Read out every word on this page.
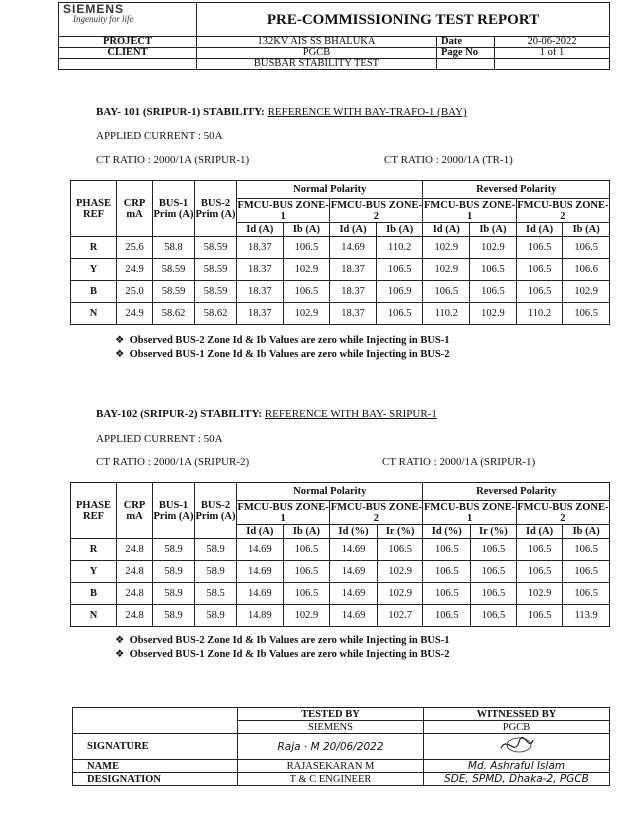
SIEMENS
Ingenuity for life	PRE-COMMISSIONING TEST REPORT		
PROJECT	132KV AIS SS BHALUKA	Date	20-06-2022
CLIENT	PGCB	Page No	1 of 1
	BUSBAR STABILITY TEST		
BAY- 101 (SRIPUR-1) STABILITY: REFERENCE WITH BAY-TRAFO-1 (BAY)
APPLIED CURRENT : 50A
CT RATIO : 2000/1A (SRIPUR-1)	CT RATIO : 2000/1A (TR-1)
PHASE REF	CRP mA	BUS-1 Prim (A)	BUS-2 Prim (A)	Normal Polarity				Reversed Polarity			
				FMCU-BUS ZONE-1		FMCU-BUS ZONE-2		FMCU-BUS ZONE-1		FMCU-BUS ZONE-2	
				Id (A)	Ib (A)	Id (A)	Ib (A)	Id (A)	Ib (A)	Id (A)	Ib (A)
R	25.6	58.8	58.59	18.37	106.5	14.69	110.2	102.9	102.9	106.5	106.5
Y	24.9	58.59	58.59	18.37	102.9	18.37	106.5	102.9	106.5	106.5	106.6
B	25.0	58.59	58.59	18.37	106.5	18.37	106.9	106.5	106.5	106.5	102.9
N	24.9	58.62	58.62	18.37	102.9	18.37	106.5	110.2	102.9	110.2	106.5
❖ Observed BUS-2 Zone Id & Ib Values are zero while Injecting in BUS-1
❖ Observed BUS-1 Zone Id & Ib Values are zero while Injecting in BUS-2
BAY-102 (SRIPUR-2) STABILITY: REFERENCE WITH BAY- SRIPUR-1
APPLIED CURRENT : 50A
CT RATIO : 2000/1A (SRIPUR-2)	CT RATIO : 2000/1A (SRIPUR-1)
PHASE REF	CRP mA	BUS-1 Prim (A)	BUS-2 Prim (A)	Normal Polarity				Reversed Polarity			
				FMCU-BUS ZONE-1		FMCU-BUS ZONE-2		FMCU-BUS ZONE-1		FMCU-BUS ZONE-2	
				Id (A)	Ib (A)	Id (%)	Ir (%)	Id (%)	Ir (%)	Id (A)	Ib (A)
R	24.8	58.9	58.9	14.69	106.5	14.69	106.5	106.5	106.5	106.5	106.5
Y	24.8	58.9	58.9	14.69	106.5	14.69	102.9	106.5	106.5	106.5	106.5
B	24.8	58.9	58.5	14.69	106.5	14.69	102.9	106.5	106.5	102.9	106.5
N	24.8	58.9	58.9	14.89	102.9	14.69	102.7	106.5	106.5	106.5	113.9
❖ Observed BUS-2 Zone Id & Ib Values are zero while Injecting in BUS-1
❖ Observed BUS-1 Zone Id & Ib Values are zero while Injecting in BUS-2
	TESTED BY	WITNESSED BY
	SIEMENS	PGCB
SIGNATURE	Raja · M 20/06/2022	
NAME	RAJASEKARAN M	Md. Ashraful Islam
DESIGNATION	T & C ENGINEER	SDE, SPMD, Dhaka-2, PGCB
